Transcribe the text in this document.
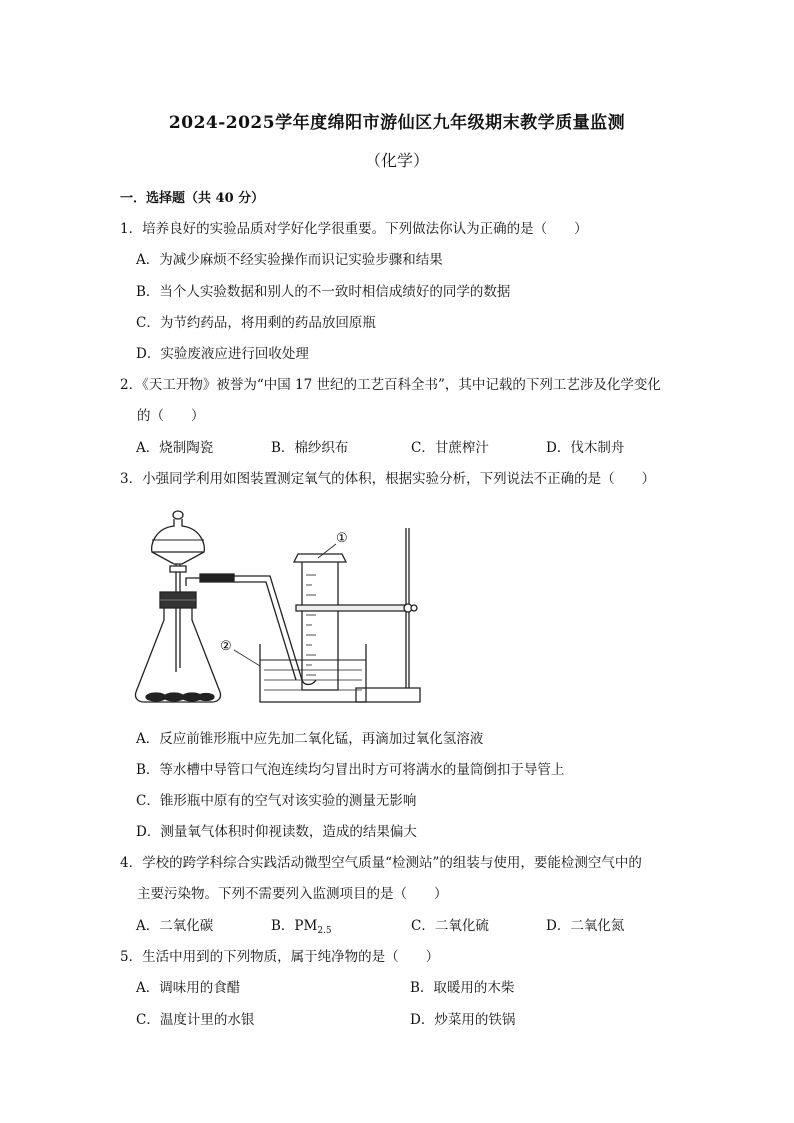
2024-2025学年度绵阳市游仙区九年级期末教学质量监测
（化学）
一．选择题（共 40 分）
1．培养良好的实验品质对学好化学很重要。下列做法你认为正确的是（　　）
A．为减少麻烦不经实验操作而识记实验步骤和结果
B．当个人实验数据和别人的不一致时相信成绩好的同学的数据
C．为节约药品，将用剩的药品放回原瓶
D．实验废液应进行回收处理
2．《天工开物》被誉为“中国 17 世纪的工艺百科全书”，其中记载的下列工艺涉及化学变化
的（　　）
A．烧制陶瓷	B．棉纱织布	C．甘蔗榨汁	D．伐木制舟
3．小强同学利用如图装置测定氧气的体积，根据实验分析，下列说法不正确的是（　　）
①
②
A．反应前锥形瓶中应先加二氧化锰，再滴加过氧化氢溶液
B．等水槽中导管口气泡连续均匀冒出时方可将满水的量筒倒扣于导管上
C．锥形瓶中原有的空气对该实验的测量无影响
D．测量氧气体积时仰视读数，造成的结果偏大
4．学校的跨学科综合实践活动微型空气质量“检测站”的组装与使用，要能检测空气中的
主要污染物。下列不需要列入监测项目的是（　　）
A．二氧化碳	B．$PM_{2.5}$	C．二氧化硫	D．二氧化氮
5．生活中用到的下列物质，属于纯净物的是（　　）
A．调味用的食醋	B．取暖用的木柴
C．温度计里的水银	D．炒菜用的铁锅
